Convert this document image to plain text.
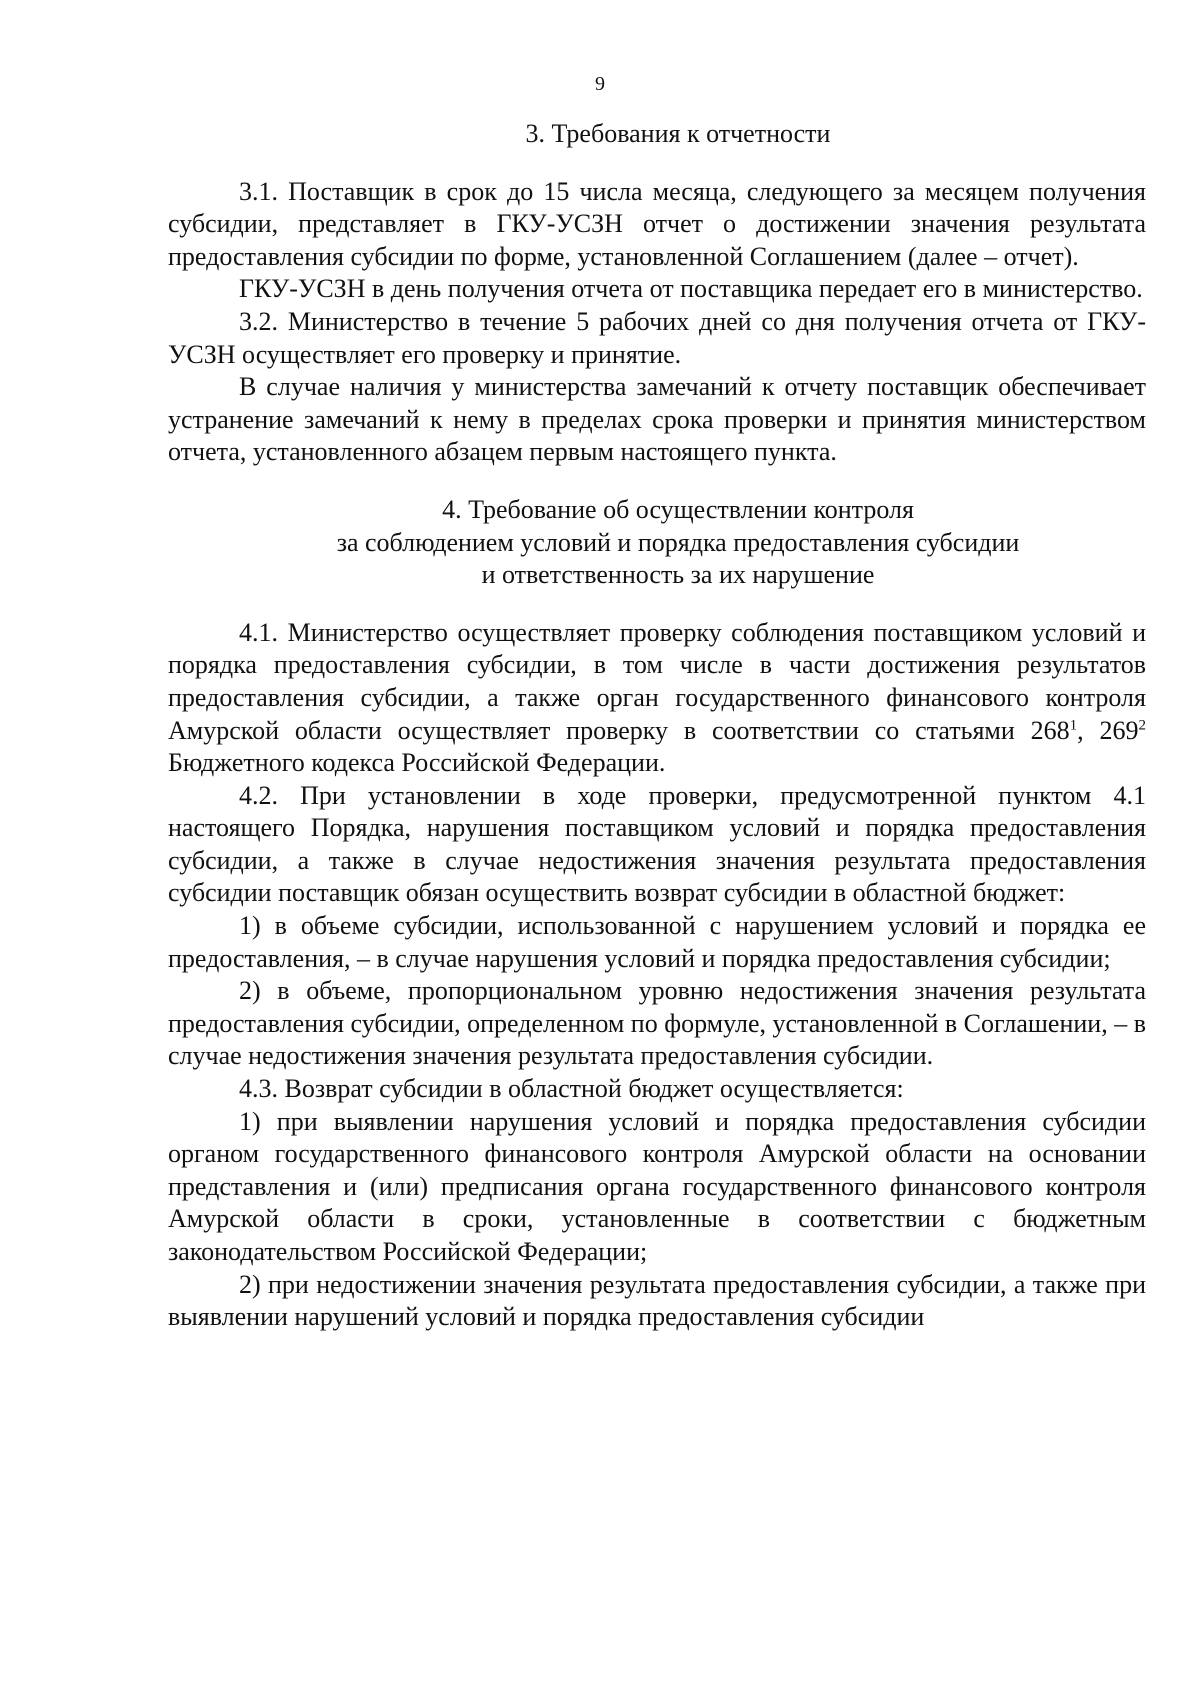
9

3. Требования к отчетности

3.1. Поставщик в срок до 15 числа месяца, следующего за месяцем получения субсидии, представляет в ГКУ-УСЗН отчет о достижении значения результата предоставления субсидии по форме, установленной Соглашением (далее – отчет).

ГКУ-УСЗН в день получения отчета от поставщика передает его в министерство.

3.2. Министерство в течение 5 рабочих дней со дня получения отчета от ГКУ-УСЗН осуществляет его проверку и принятие.

В случае наличия у министерства замечаний к отчету поставщик обеспечивает устранение замечаний к нему в пределах срока проверки и принятия министерством отчета, установленного абзацем первым настоящего пункта.

4. Требование об осуществлении контроля
за соблюдением условий и порядка предоставления субсидии
и ответственность за их нарушение

4.1. Министерство осуществляет проверку соблюдения поставщиком условий и порядка предоставления субсидии, в том числе в части достижения результатов предоставления субсидии, а также орган государственного финансового контроля Амурской области осуществляет проверку в соответствии со статьями $268^1$, $269^2$ Бюджетного кодекса Российской Федерации.

4.2. При установлении в ходе проверки, предусмотренной пунктом 4.1 настоящего Порядка, нарушения поставщиком условий и порядка предоставления субсидии, а также в случае недостижения значения результата предоставления субсидии поставщик обязан осуществить возврат субсидии в областной бюджет:

1) в объеме субсидии, использованной с нарушением условий и порядка ее предоставления, – в случае нарушения условий и порядка предоставления субсидии;

2) в объеме, пропорциональном уровню недостижения значения результата предоставления субсидии, определенном по формуле, установленной в Соглашении, – в случае недостижения значения результата предоставления субсидии.

4.3. Возврат субсидии в областной бюджет осуществляется:

1) при выявлении нарушения условий и порядка предоставления субсидии органом государственного финансового контроля Амурской области на основании представления и (или) предписания органа государственного финансового контроля Амурской области в сроки, установленные в соответствии с бюджетным законодательством Российской Федерации;

2) при недостижении значения результата предоставления субсидии, а также при выявлении нарушений условий и порядка предоставления субсидии
